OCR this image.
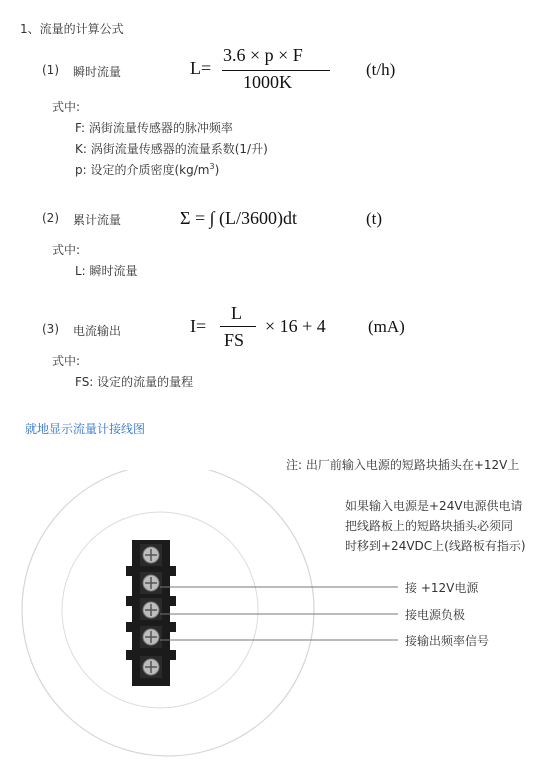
1、流量的计算公式
(1) 瞬时流量	L=
3.6 × p × F
1000K
(t/h)
式中:
F: 涡街流量传感器的脉冲频率
K: 涡街流量传感器的流量系数(1/升)
p: 设定的介质密度$(kg/m^3)$
(2) 累计流量	Σ = ∫ (L/3600)dt	(t)
式中:
L: 瞬时流量
(3) 电流输出	I=
L
FS
× 16 + 4 (mA)
式中:
FS: 设定的流量的量程
就地显示流量计接线图
注: 出厂前输入电源的短路块插头在+12V上
如果输入电源是+24V电源供电请
把线路板上的短路块插头必须同
时移到+24VDC上(线路板有指示)
接 +12V电源
接电源负极
接输出频率信号
